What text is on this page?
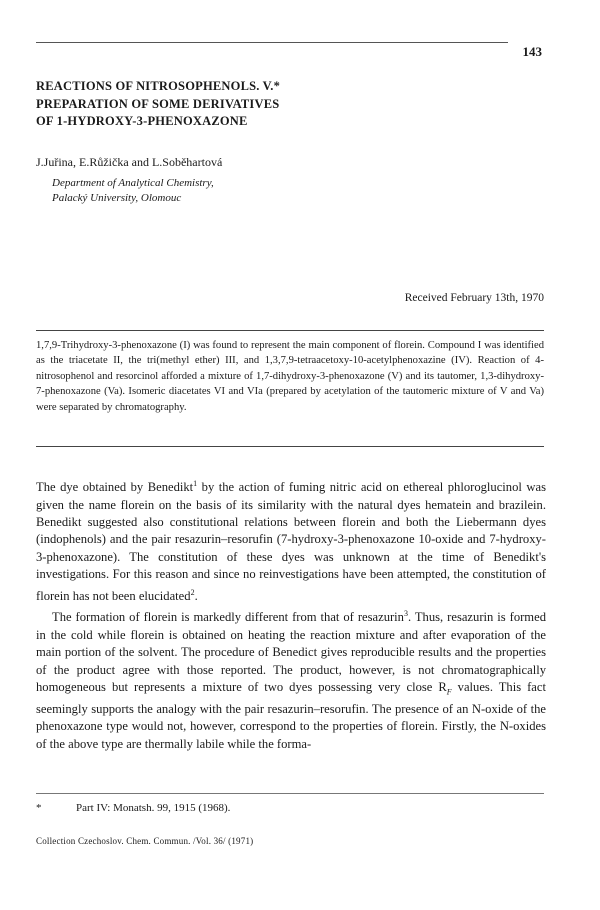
143
REACTIONS OF NITROSOPHENOLS. V.*
PREPARATION OF SOME DERIVATIVES
OF 1-HYDROXY-3-PHENOXAZONE
J.Juřina, E.Růžička and L.Soběhartová
Department of Analytical Chemistry,
Palacký University, Olomouc
Received February 13th, 1970
1,7,9-Trihydroxy-3-phenoxazone (I) was found to represent the main component of florein. Compound I was identified as the triacetate II, the tri(methyl ether) III, and 1,3,7,9-tetraacetoxy-10-acetylphenoxazine (IV). Reaction of 4-nitrosophenol and resorcinol afforded a mixture of 1,7-dihydroxy-3-phenoxazone (V) and its tautomer, 1,3-dihydroxy-7-phenoxazone (Va). Isomeric diacetates VI and VIa (prepared by acetylation of the tautomeric mixture of V and Va) were separated by chromatography.

The dye obtained by Benedikt$^1$ by the action of fuming nitric acid on ethereal phloroglucinol was given the name florein on the basis of its similarity with the natural dyes hematein and brazilein. Benedikt suggested also constitutional relations between florein and both the Liebermann dyes (indophenols) and the pair resazurin–resorufin (7-hydroxy-3-phenoxazone 10-oxide and 7-hydroxy-3-phenoxazone). The constitution of these dyes was unknown at the time of Benedikt's investigations. For this reason and since no reinvestigations have been attempted, the constitution of florein has not been elucidated$^2$.

The formation of florein is markedly different from that of resazurin$^3$. Thus, resazurin is formed in the cold while florein is obtained on heating the reaction mixture and after evaporation of the main portion of the solvent. The procedure of Benedict gives reproducible results and the properties of the product agree with those reported. The product, however, is not chromatographically homogeneous but represents a mixture of two dyes possessing very close $R_F$ values. This fact seemingly supports the analogy with the pair resazurin–resorufin. The presence of an N-oxide of the phenoxazone type would not, however, correspond to the properties of florein. Firstly, the N-oxides of the above type are thermally labile while the forma-

*	Part IV: Monatsh. 99, 1915 (1968).
Collection Czechoslov. Chem. Commun. /Vol. 36/ (1971)
